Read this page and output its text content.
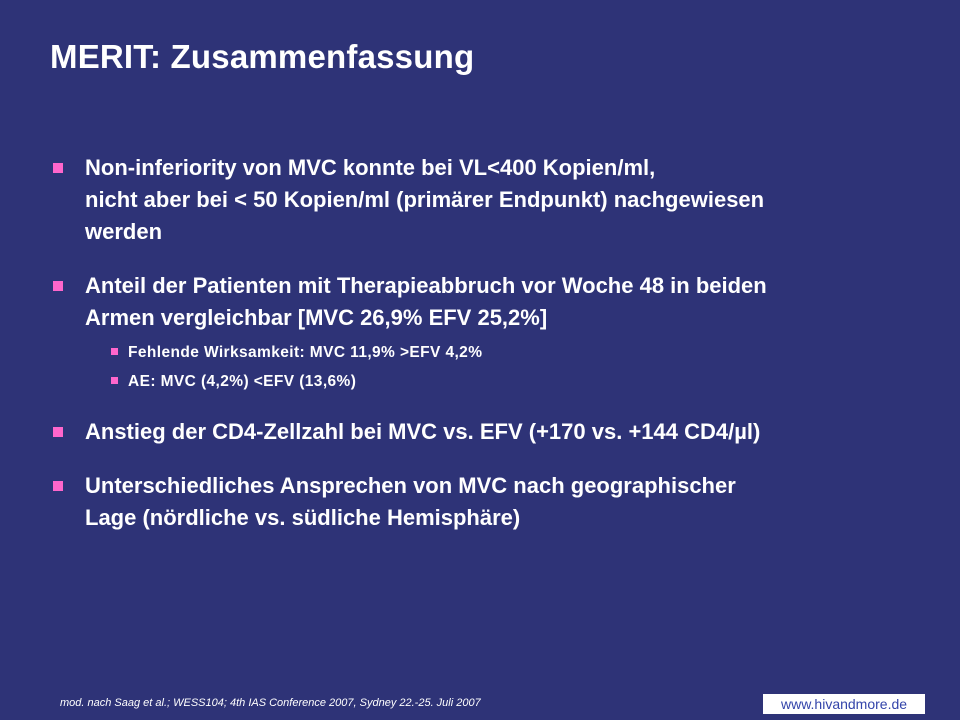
MERIT: Zusammenfassung
Non-inferiority von MVC konnte bei VL<400 Kopien/ml,
nicht aber bei < 50 Kopien/ml (primärer Endpunkt) nachgewiesen
werden
Anteil der Patienten mit Therapieabbruch vor Woche 48 in beiden
Armen vergleichbar [MVC 26,9% EFV 25,2%]
Fehlende Wirksamkeit: MVC 11,9% >EFV 4,2%
AE: MVC (4,2%) <EFV (13,6%)
Anstieg der CD4-Zellzahl bei MVC vs. EFV (+170 vs. +144 CD4/µl)
Unterschiedliches Ansprechen von MVC nach geographischer
Lage (nördliche vs. südliche Hemisphäre)
mod. nach Saag et al.; WESS104; 4th IAS Conference 2007, Sydney 22.-25. Juli 2007	www.hivandmore.de
